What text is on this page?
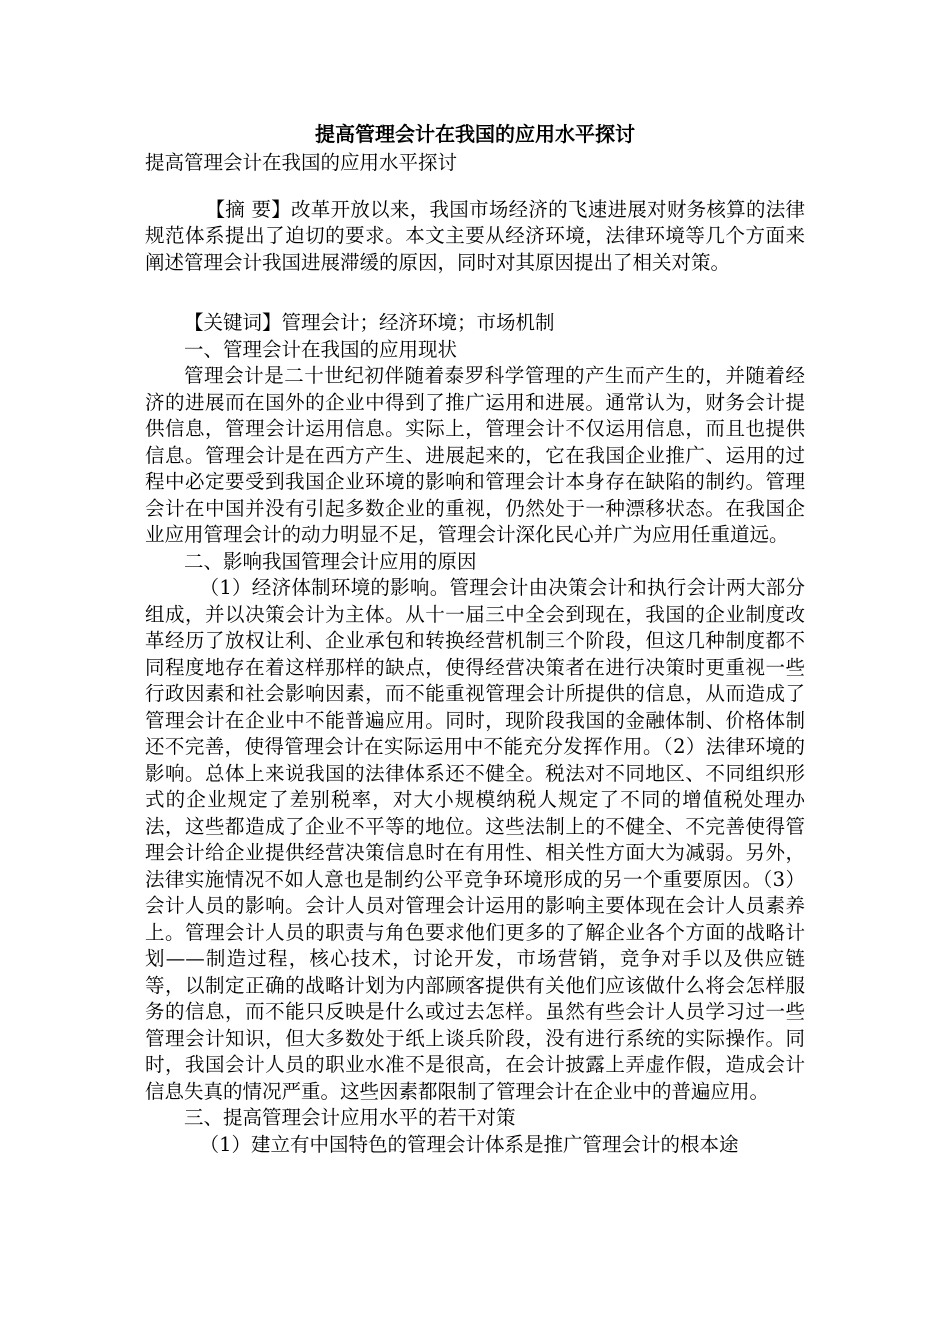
提高管理会计在我国的应用水平探讨
提高管理会计在我国的应用水平探讨

【摘 要】改革开放以来，我国市场经济的飞速进展对财务核算的法律规范体系提出了迫切的要求。本文主要从经济环境，法律环境等几个方面来阐述管理会计我国进展滞缓的原因，同时对其原因提出了相关对策。

【关键词】管理会计；经济环境；市场机制

一、管理会计在我国的应用现状

管理会计是二十世纪初伴随着泰罗科学管理的产生而产生的，并随着经济的进展而在国外的企业中得到了推广运用和进展。通常认为，财务会计提供信息，管理会计运用信息。实际上，管理会计不仅运用信息，而且也提供信息。管理会计是在西方产生、进展起来的，它在我国企业推广、运用的过程中必定要受到我国企业环境的影响和管理会计本身存在缺陷的制约。管理会计在中国并没有引起多数企业的重视，仍然处于一种漂移状态。在我国企业应用管理会计的动力明显不足，管理会计深化民心并广为应用任重道远。

二、影响我国管理会计应用的原因

（1）经济体制环境的影响。管理会计由决策会计和执行会计两大部分组成，并以决策会计为主体。从十一届三中全会到现在，我国的企业制度改革经历了放权让利、企业承包和转换经营机制三个阶段，但这几种制度都不同程度地存在着这样那样的缺点，使得经营决策者在进行决策时更重视一些行政因素和社会影响因素，而不能重视管理会计所提供的信息，从而造成了管理会计在企业中不能普遍应用。同时，现阶段我国的金融体制、价格体制还不完善，使得管理会计在实际运用中不能充分发挥作用。（2）法律环境的影响。总体上来说我国的法律体系还不健全。税法对不同地区、不同组织形式的企业规定了差别税率，对大小规模纳税人规定了不同的增值税处理办法，这些都造成了企业不平等的地位。这些法制上的不健全、不完善使得管理会计给企业提供经营决策信息时在有用性、相关性方面大为减弱。另外，法律实施情况不如人意也是制约公平竞争环境形成的另一个重要原因。（3）会计人员的影响。会计人员对管理会计运用的影响主要体现在会计人员素养上。管理会计人员的职责与角色要求他们更多的了解企业各个方面的战略计划——制造过程，核心技术，讨论开发，市场营销，竞争对手以及供应链等，以制定正确的战略计划为内部顾客提供有关他们应该做什么将会怎样服务的信息，而不能只反映是什么或过去怎样。虽然有些会计人员学习过一些管理会计知识，但大多数处于纸上谈兵阶段，没有进行系统的实际操作。同时，我国会计人员的职业水准不是很高，在会计披露上弄虚作假，造成会计信息失真的情况严重。这些因素都限制了管理会计在企业中的普遍应用。

三、提高管理会计应用水平的若干对策

（1）建立有中国特色的管理会计体系是推广管理会计的根本途
